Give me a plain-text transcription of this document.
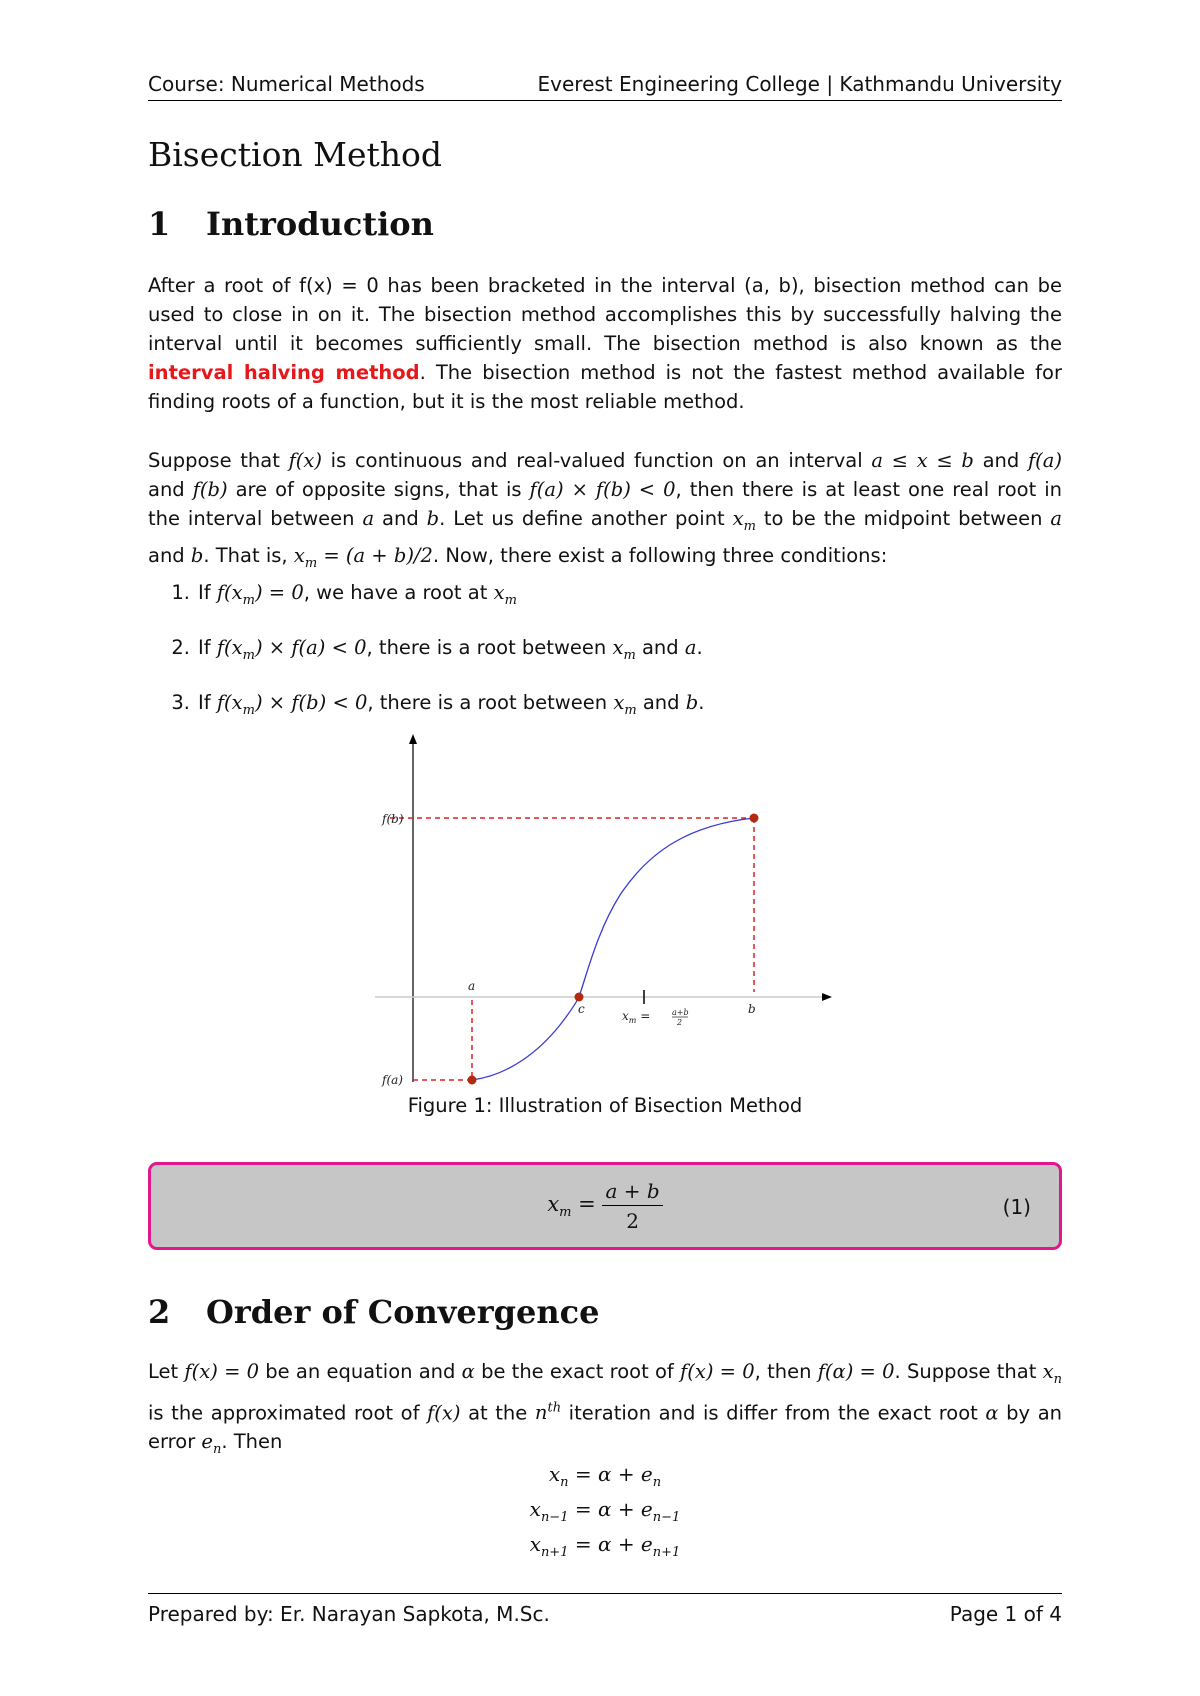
Course: Numerical Methods	Everest Engineering College | Kathmandu University
Bisection Method
1 Introduction
After a root of f(x) = 0 has been bracketed in the interval (a, b), bisection method can be used to close in on it. The bisection method accomplishes this by successfully halving the interval until it becomes sufficiently small. The bisection method is also known as the interval halving method. The bisection method is not the fastest method available for finding roots of a function, but it is the most reliable method.
Suppose that f(x) is continuous and real-valued function on an interval a ≤ x ≤ b and f(a) and f(b) are of opposite signs, that is f(a) × f(b) < 0, then there is at least one real root in the interval between a and b. Let us define another point $x_m$ to be the midpoint between a and b. That is, $x_m = (a + b)/2$. Now, there exist a following three conditions:
1. If $f(x_m) = 0$, we have a root at $x_m$
2. If $f(x_m) \times f(a) < 0$, there is a root between $x_m$ and a.
3. If $f(x_m) \times f(b) < 0$, there is a root between $x_m$ and b.
f(b)
f(a)
a
c	b
$x_m$ =	a+b
2
Figure 1: Illustration of Bisection Method
$x_m = \frac{a + b}{2}$	(1)
2 Order of Convergence
Let f(x) = 0 be an equation and α be the exact root of f(x) = 0, then f(α) = 0. Suppose that $x_n$ is the approximated root of f(x) at the $n^{th}$ iteration and is differ from the exact root α by an error $e_n$. Then
$x_n = \alpha + e_n$
$x_{n-1} = \alpha + e_{n-1}$
$x_{n+1} = \alpha + e_{n+1}$
Prepared by: Er. Narayan Sapkota, M.Sc.	Page 1 of 4
